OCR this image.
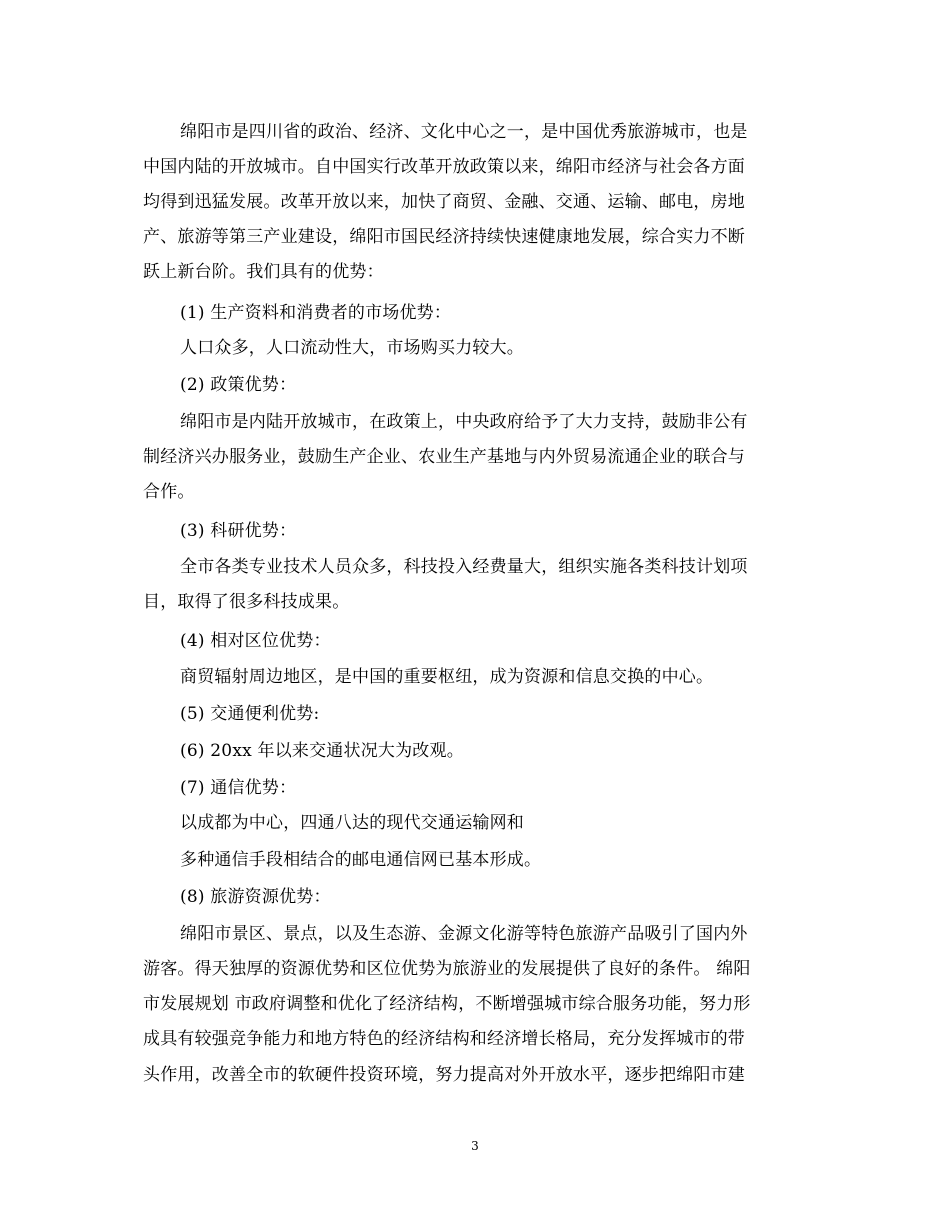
绵阳市是四川省的政治、经济、文化中心之一，是中国优秀旅游城市，也是
中国内陆的开放城市。自中国实行改革开放政策以来，绵阳市经济与社会各方面
均得到迅猛发展。改革开放以来，加快了商贸、金融、交通、运输、邮电，房地
产、旅游等第三产业建设，绵阳市国民经济持续快速健康地发展，综合实力不断
跃上新台阶。我们具有的优势：
(1) 生产资料和消费者的市场优势：
人口众多，人口流动性大，市场购买力较大。
(2) 政策优势：
绵阳市是内陆开放城市，在政策上，中央政府给予了大力支持，鼓励非公有
制经济兴办服务业，鼓励生产企业、农业生产基地与内外贸易流通企业的联合与
合作。
(3) 科研优势：
全市各类专业技术人员众多，科技投入经费量大，组织实施各类科技计划项
目，取得了很多科技成果。
(4) 相对区位优势：
商贸辐射周边地区，是中国的重要枢纽，成为资源和信息交换的中心。
(5) 交通便利优势:
(6) 20xx 年以来交通状况大为改观。
(7) 通信优势：
以成都为中心，四通八达的现代交通运输网和
多种通信手段相结合的邮电通信网已基本形成。
(8) 旅游资源优势：
绵阳市景区、景点，以及生态游、金源文化游等特色旅游产品吸引了国内外
游客。得天独厚的资源优势和区位优势为旅游业的发展提供了良好的条件。 绵阳
市发展规划 市政府调整和优化了经济结构，不断增强城市综合服务功能，努力形
成具有较强竞争能力和地方特色的经济结构和经济增长格局，充分发挥城市的带
头作用，改善全市的软硬件投资环境，努力提高对外开放水平，逐步把绵阳市建
3
